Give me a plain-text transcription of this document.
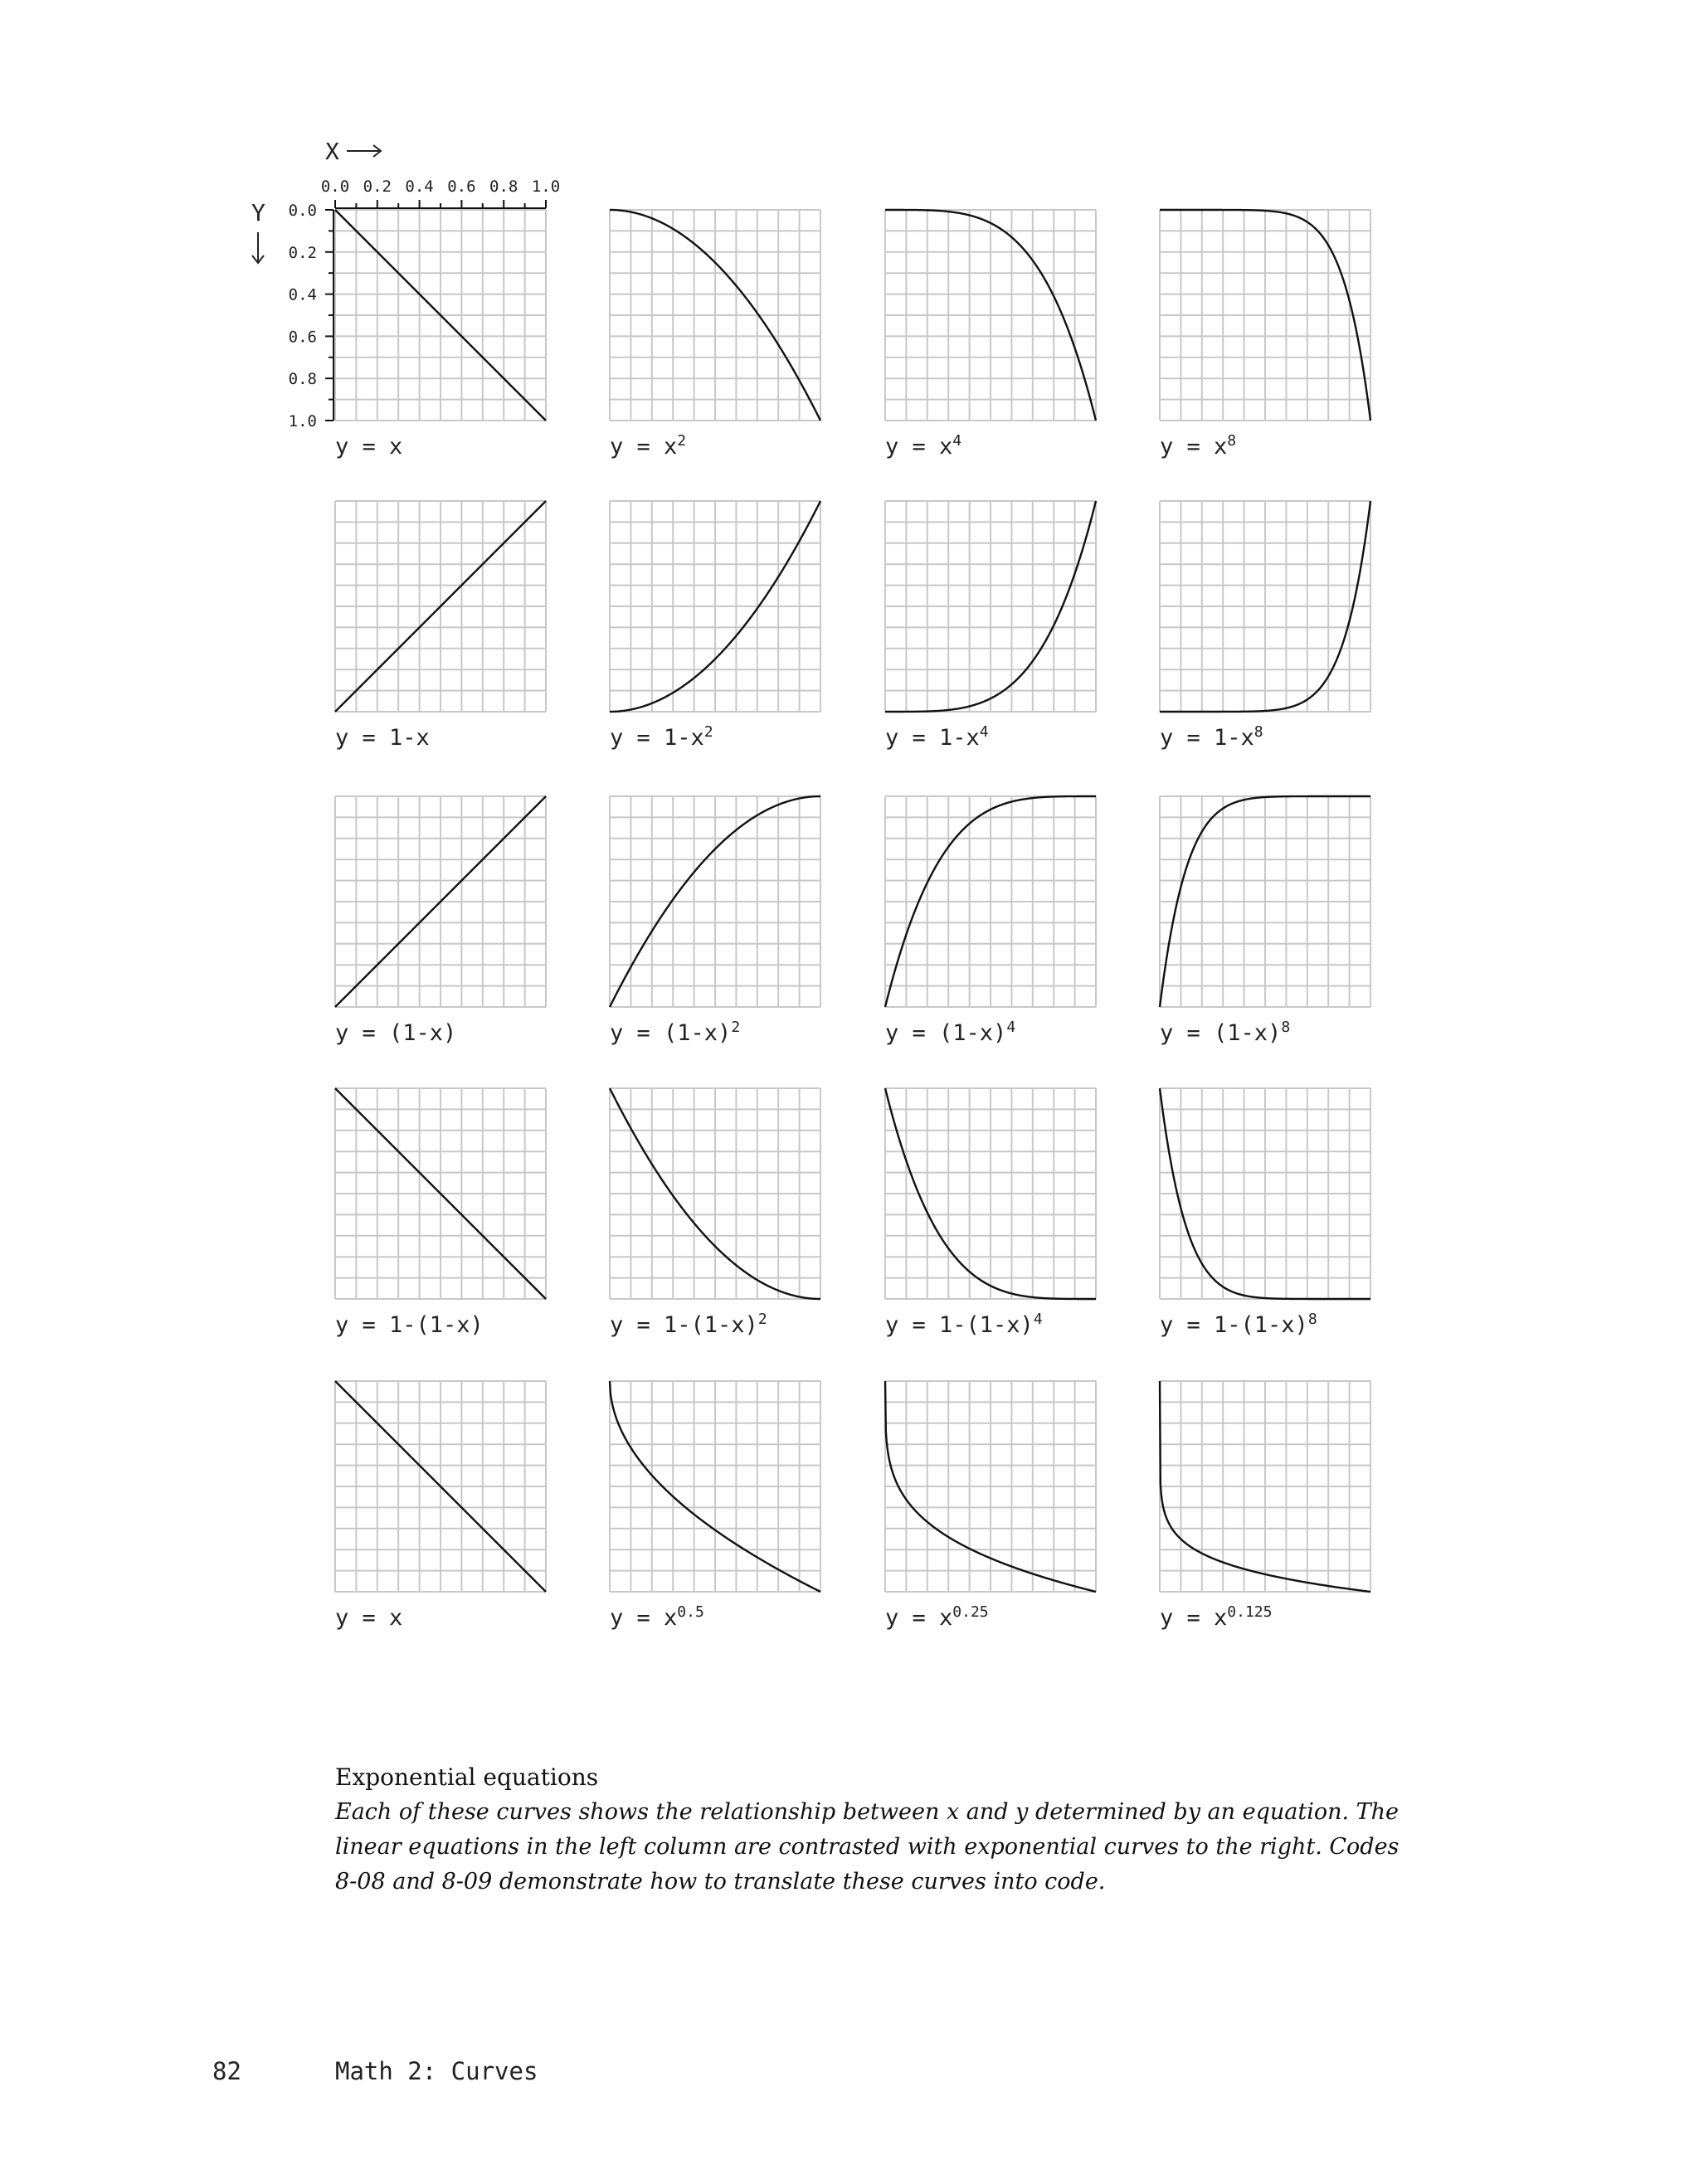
y = x	$y = x^2$	$y = x^4$	$y = x^8$
y = 1-x	$y = 1-x^2$	$y = 1-x^4$	$y = 1-x^8$
y = (1-x)	$y = (1-x)^2$	$y = (1-x)^4$	$y = (1-x)^8$
y = 1-(1-x)	$y = 1-(1-x)^2$	$y = 1-(1-x)^4$	$y = 1-(1-x)^8$
y = x	$y = x^{0.5}$	$y = x^{0.25}$	$y = x^{0.125}$
0.0 0.2 0.4 0.6 0.8 1.0
0.0
0.2
0.4
0.6
0.8
1.0
X
Y

Exponential equations

Each of these curves shows the relationship between x and y determined by an equation. The linear equations in the left column are contrasted with exponential curves to the right. Codes 8-08 and 8-09 demonstrate how to translate these curves into code.

82	Math 2: Curves
